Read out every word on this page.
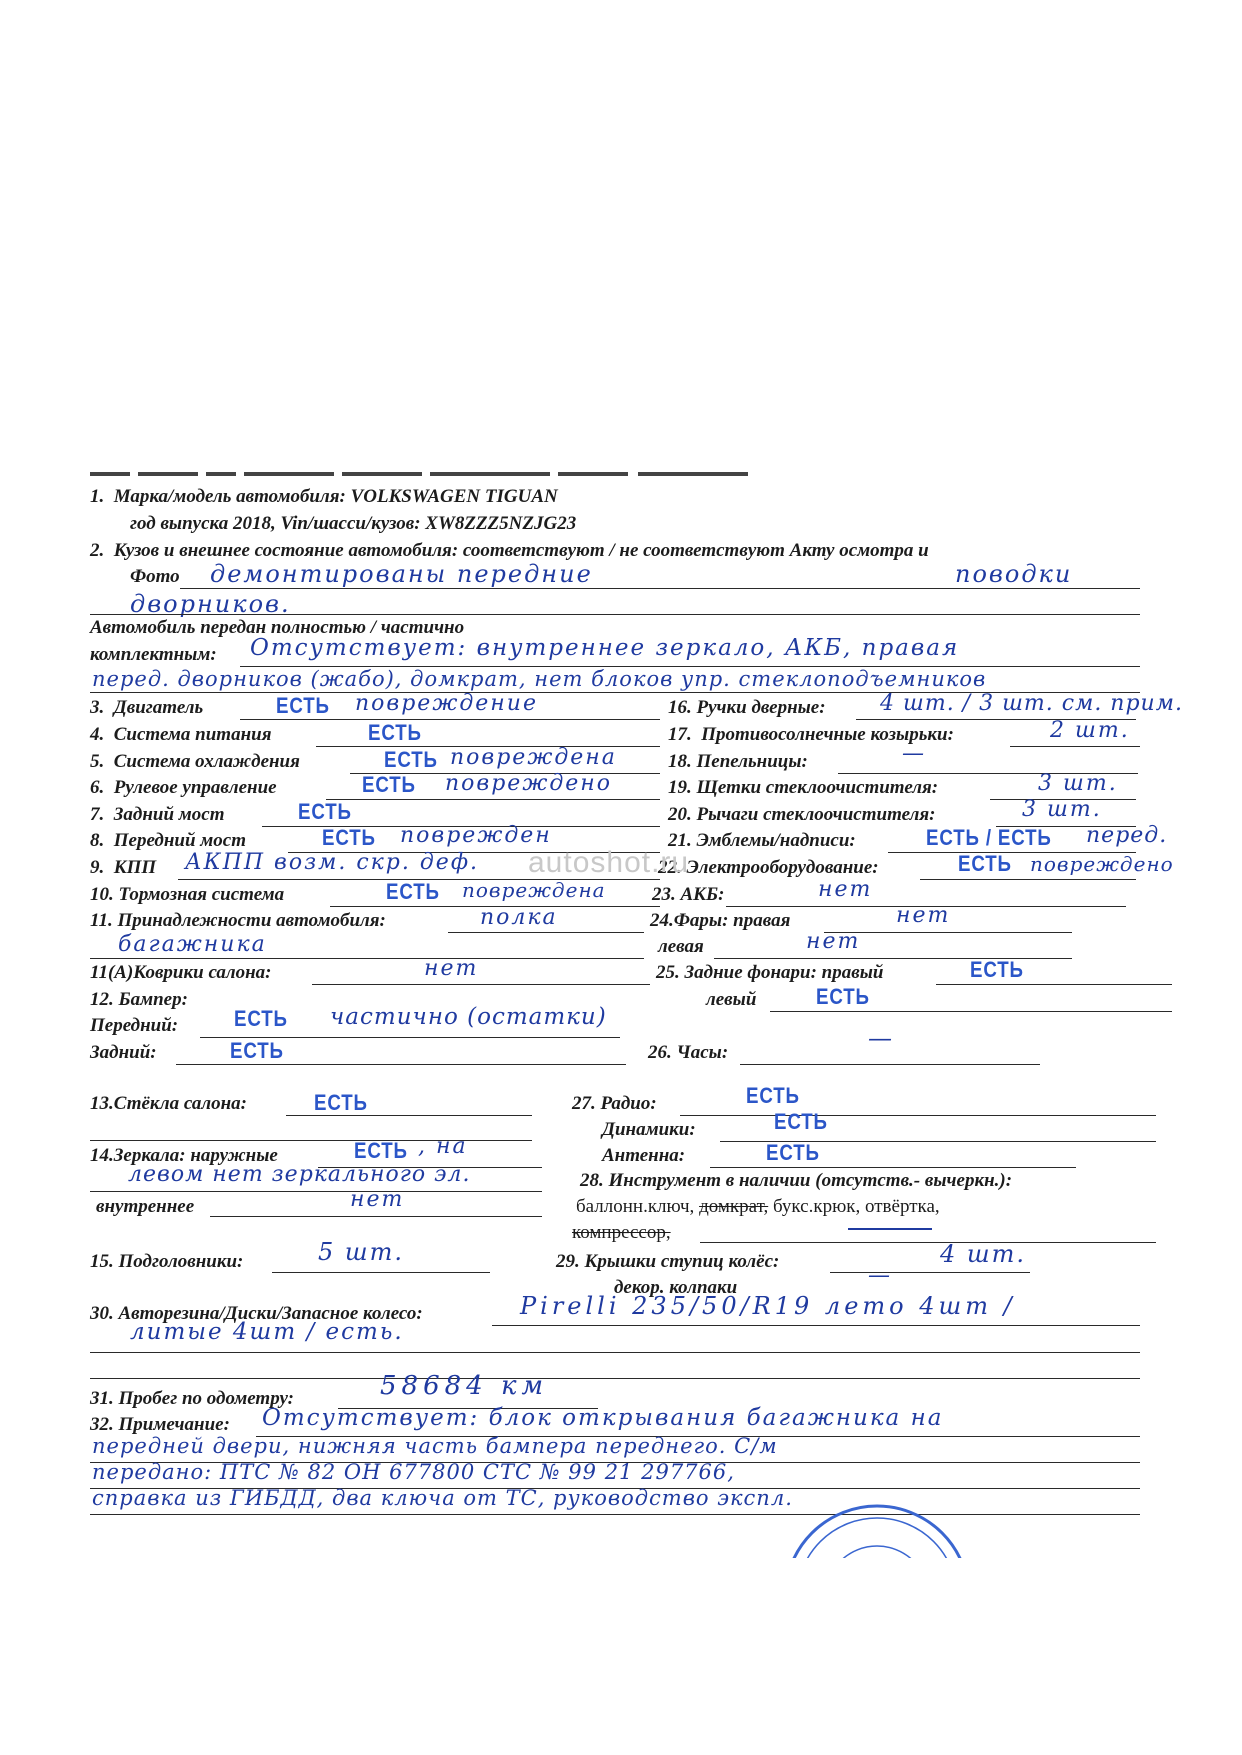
1.  Марка/модель автомобиля: VOLKSWAGEN TIGUAN
год выпуска 2018, Vin/шасси/кузов: XW8ZZZ5NZJG23
2.  Кузов и внешнее состояние автомобиля: соответствуют / не соответствуют Акту осмотра и
Фото демонтированы передние	поводки
дворников.
Автомобиль передан полностью / частично
комплектным: Отсутствует: внутреннее зеркало, АКБ, правая
перед. дворников (жабо), домкрат, нет блоков упр. стеклоподъемников
3.  Двигатель	ЕСТЬ повреждение
4.  Система питания	ЕСТЬ
5.  Система охлаждения	ЕСТЬ повреждена
6.  Рулевое управление	ЕСТЬ повреждено
7.  Задний мост	ЕСТЬ
8.  Передний мост	ЕСТЬ поврежден
9.  КПП АКПП возм. скр. деф.
10. Тормозная система	ЕСТЬ повреждена
11. Принадлежности автомобиля:	полка
багажника
16. Ручки дверные: 4 шт. / 3 шт. см. прим.
17.  Противосолнечные козырьки:	2 шт.
18. Пепельницы:	—
19. Щетки стеклоочистителя:	3 шт.
20. Рычаги стеклоочистителя:	3 шт.
21. Эмблемы/надписи:	ЕСТЬ / ЕСТЬ перед.
22. Электрооборудование:	ЕСТЬ повреждено
23. АКБ:	нет
24.Фары: правая	нет
левая	нет
11(А)Коврики салона:	нет	25. Задние фонари: правый	ЕСТЬ
левый	ЕСТЬ
12. Бампер:
Передний:	ЕСТЬ частично (остатки)
Задний:	ЕСТЬ	26. Часы:
—
13.Стёкла салона:	ЕСТЬ	27. Радио:	ЕСТЬ
Динамики:	ЕСТЬ
Антенна:	ЕСТЬ
14.Зеркала: наружные	ЕСТЬ , на
левом нет зеркального эл.
внутреннее	нет
28. Инструмент в наличии (отсутств.- вычеркн.):
баллонн.ключ, домкрат, букс.крюк, отвёртка,
компрессор,
15. Подголовники:	5 шт.	29. Крышки ступиц колёс:	4 шт.
декор. колпаки	—
30. Авторезина/Диски/Запасное колесо:	Pirelli 235/50/R19 лето 4шт /
литые 4шт / есть.
31. Пробег по одометру:	58684 км
32. Примечание: Отсутствует: блок открывания багажника на
передней двери, нижняя часть бампера переднего. С/м
передано: ПТС № 82 ОН 677800 СТС № 99 21 297766,
справка из ГИБДД, два ключа от ТС, руководство экспл.
autoshot.ru
